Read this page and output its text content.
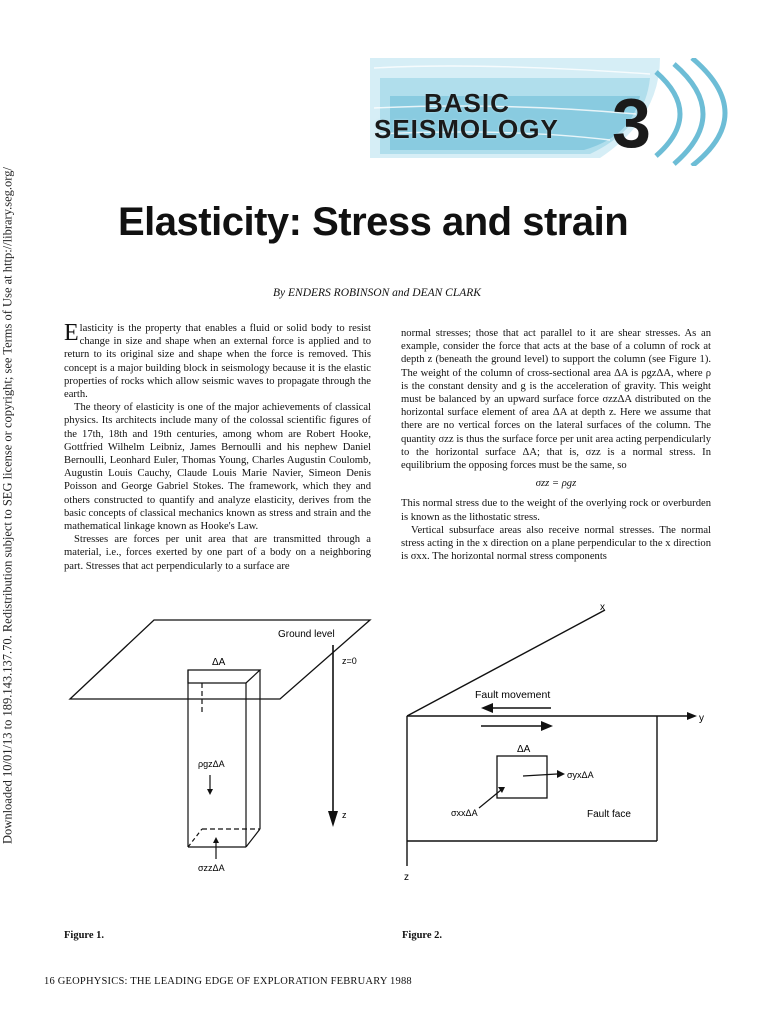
Downloaded 10/01/13 to 189.143.137.70. Redistribution subject to SEG license or copyright; see Terms of Use at http://library.seg.org/
BASIC
SEISMOLOGY 3
Elasticity: Stress and strain
By ENDERS ROBINSON and DEAN CLARK

Elasticity is the property that enables a fluid or solid body to resist change in size and shape when an external force is applied and to return to its original size and shape when the force is removed. This concept is a major building block in seismology because it is the elastic properties of rocks which allow seismic waves to propagate through the earth.

The theory of elasticity is one of the major achievements of classical physics. Its architects include many of the colossal scientific figures of the 17th, 18th and 19th centuries, among whom are Robert Hooke, Gottfried Wilhelm Leibniz, James Bernoulli and his nephew Daniel Bernoulli, Leonhard Euler, Thomas Young, Charles Augustin Coulomb, Augustin Louis Cauchy, Claude Louis Marie Navier, Simeon Denis Poisson and George Gabriel Stokes. The framework, which they and others constructed to quantify and analyze elasticity, derives from the basic concepts of classical mechanics known as stress and strain and the mathematical linkage known as Hooke's Law.

Stresses are forces per unit area that are transmitted through a material, i.e., forces exerted by one part of a body on a neighboring part. Stresses that act perpendicularly to a surface are

normal stresses; those that act parallel to it are shear stresses. As an example, consider the force that acts at the base of a column of rock at depth z (beneath the ground level) to support the column (see Figure 1). The weight of the column of cross-sectional area ΔA is ρgzΔA, where ρ is the constant density and g is the acceleration of gravity. This weight must be balanced by an upward surface force σzzΔA distributed on the horizontal surface element of area ΔA at depth z. Here we assume that there are no vertical forces on the lateral surfaces of the column. The quantity σzz is thus the surface force per unit area acting perpendicularly to the horizontal surface ΔA; that is, σzz is a normal stress. In equilibrium the opposing forces must be the same, so

σzz = ρgz

This normal stress due to the weight of the overlying rock or overburden is known as the lithostatic stress.

Vertical subsurface areas also receive normal stresses. The normal stress acting in the x direction on a plane perpendicular to the x direction is σxx. The horizontal normal stress components

Ground level
ΔA	z=0
ρgzΔA
z
σzzΔA
Figure 1.
x
y
z
Fault movement
ΔA
σyxΔA
σxxΔA	Fault face
Figure 2.
16 GEOPHYSICS: THE LEADING EDGE OF EXPLORATION FEBRUARY 1988
